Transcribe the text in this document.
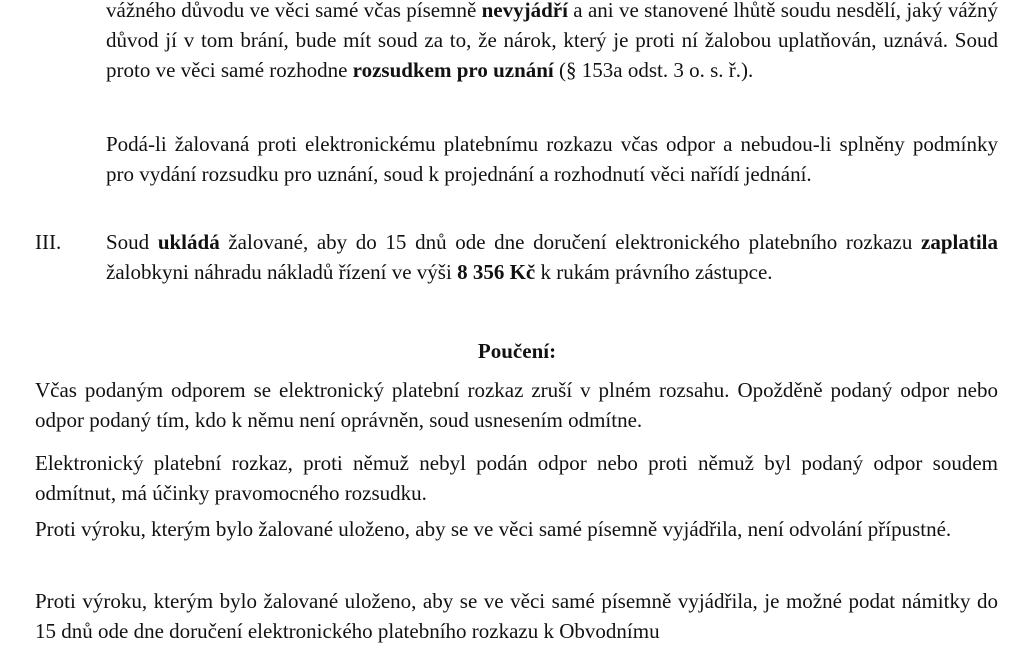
vážného důvodu ve věci samé včas písemně nevyjádří a ani ve stanovené lhůtě soudu nesdělí, jaký vážný důvod jí v tom brání, bude mít soud za to, že nárok, který je proti ní žalobou uplatňován, uznává. Soud proto ve věci samé rozhodne rozsudkem pro uznání (§ 153a odst. 3 o. s. ř.).

Podá-li žalovaná proti elektronickému platebnímu rozkazu včas odpor a nebudou-li splněny podmínky pro vydání rozsudku pro uznání, soud k projednání a rozhodnutí věci nařídí jednání.

III. Soud ukládá žalované, aby do 15 dnů ode dne doručení elektronického platebního rozkazu zaplatila žalobkyni náhradu nákladů řízení ve výši 8 356 Kč k rukám právního zástupce.

Poučení:

Včas podaným odporem se elektronický platební rozkaz zruší v plném rozsahu. Opožděně podaný odpor nebo odpor podaný tím, kdo k němu není oprávněn, soud usnesením odmítne.

Elektronický platební rozkaz, proti němuž nebyl podán odpor nebo proti němuž byl podaný odpor soudem odmítnut, má účinky pravomocného rozsudku.

Proti výroku, kterým bylo žalované uloženo, aby se ve věci samé písemně vyjádřila, není odvolání přípustné.

Proti výroku, kterým bylo žalované uloženo, aby se ve věci samé písemně vyjádřila, je možné podat námitky do 15 dnů ode dne doručení elektronického platebního rozkazu k Obvodnímu
